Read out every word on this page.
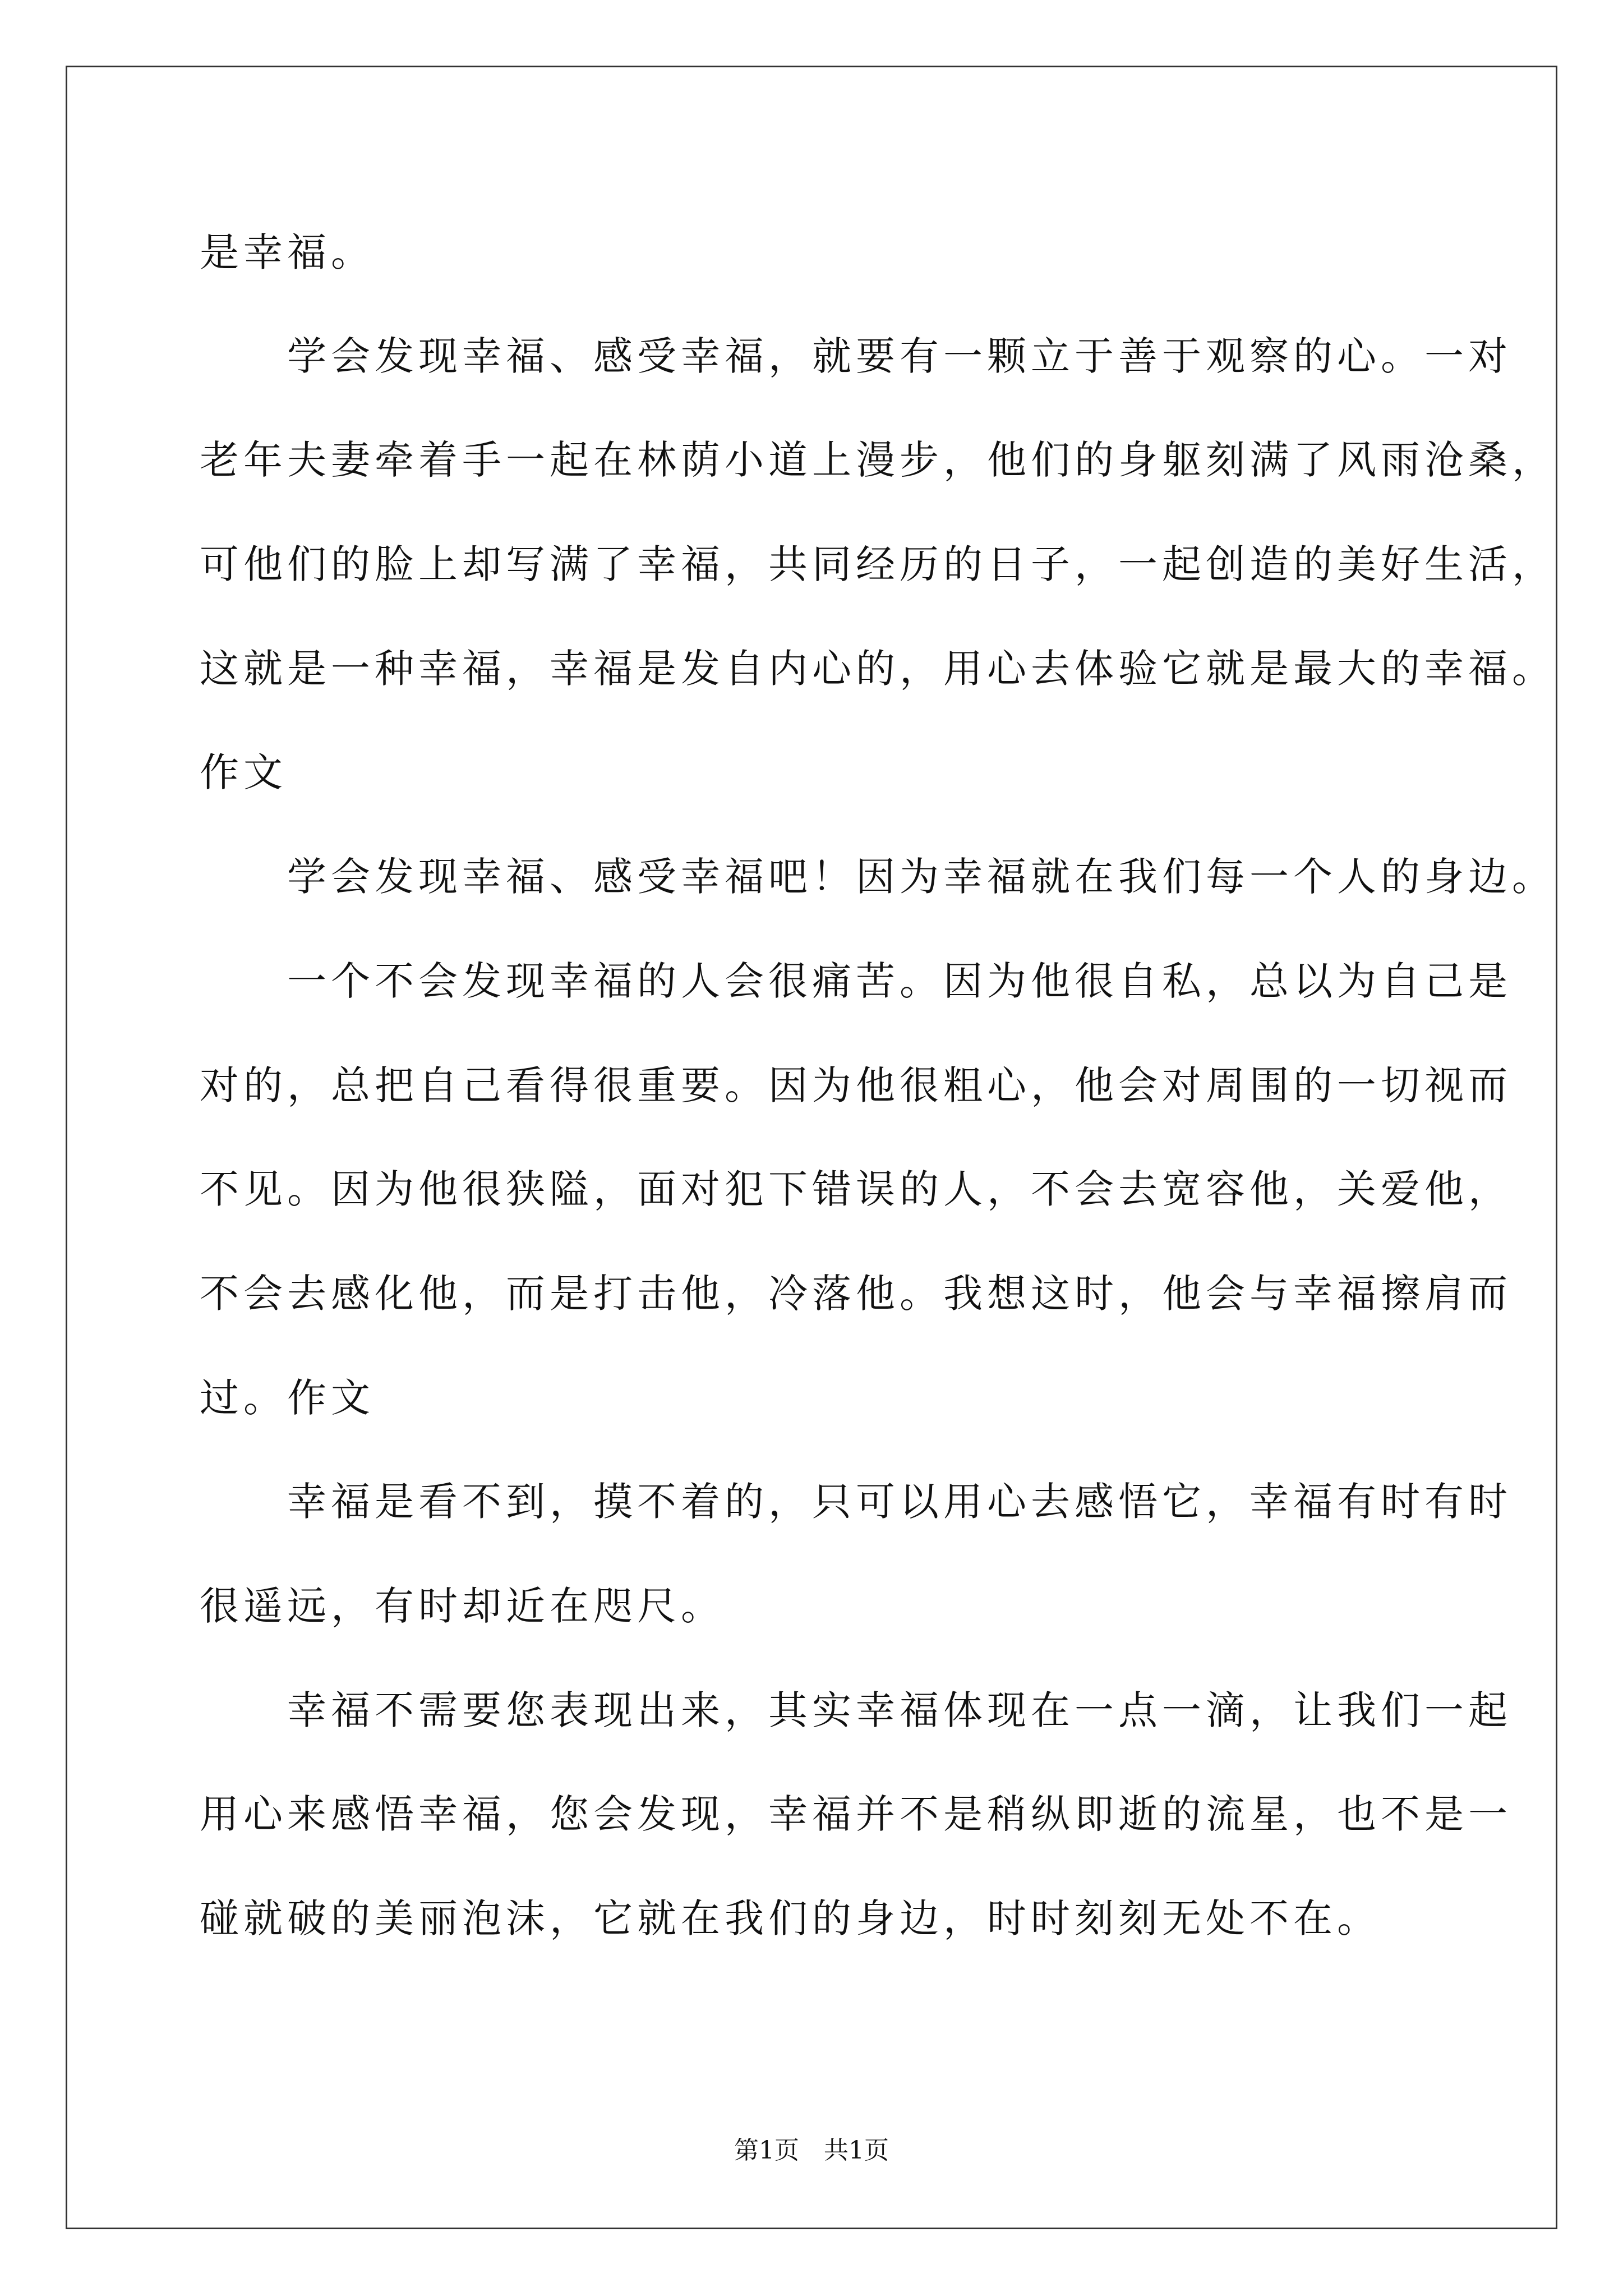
是幸福。
　　学会发现幸福、感受幸福，就要有一颗立于善于观察的心。一对
老年夫妻牵着手一起在林荫小道上漫步，他们的身躯刻满了风雨沧桑，
可他们的脸上却写满了幸福，共同经历的日子，一起创造的美好生活，
这就是一种幸福，幸福是发自内心的，用心去体验它就是最大的幸福。
作文
　　学会发现幸福、感受幸福吧！因为幸福就在我们每一个人的身边。
　　一个不会发现幸福的人会很痛苦。因为他很自私，总以为自己是
对的，总把自己看得很重要。因为他很粗心，他会对周围的一切视而
不见。因为他很狭隘，面对犯下错误的人，不会去宽容他，关爱他，
不会去感化他，而是打击他，冷落他。我想这时，他会与幸福擦肩而
过。作文
　　幸福是看不到，摸不着的，只可以用心去感悟它，幸福有时有时
很遥远，有时却近在咫尺。
　　幸福不需要您表现出来，其实幸福体现在一点一滴，让我们一起
用心来感悟幸福，您会发现，幸福并不是稍纵即逝的流星，也不是一
碰就破的美丽泡沫，它就在我们的身边，时时刻刻无处不在。
第1页　共1页
